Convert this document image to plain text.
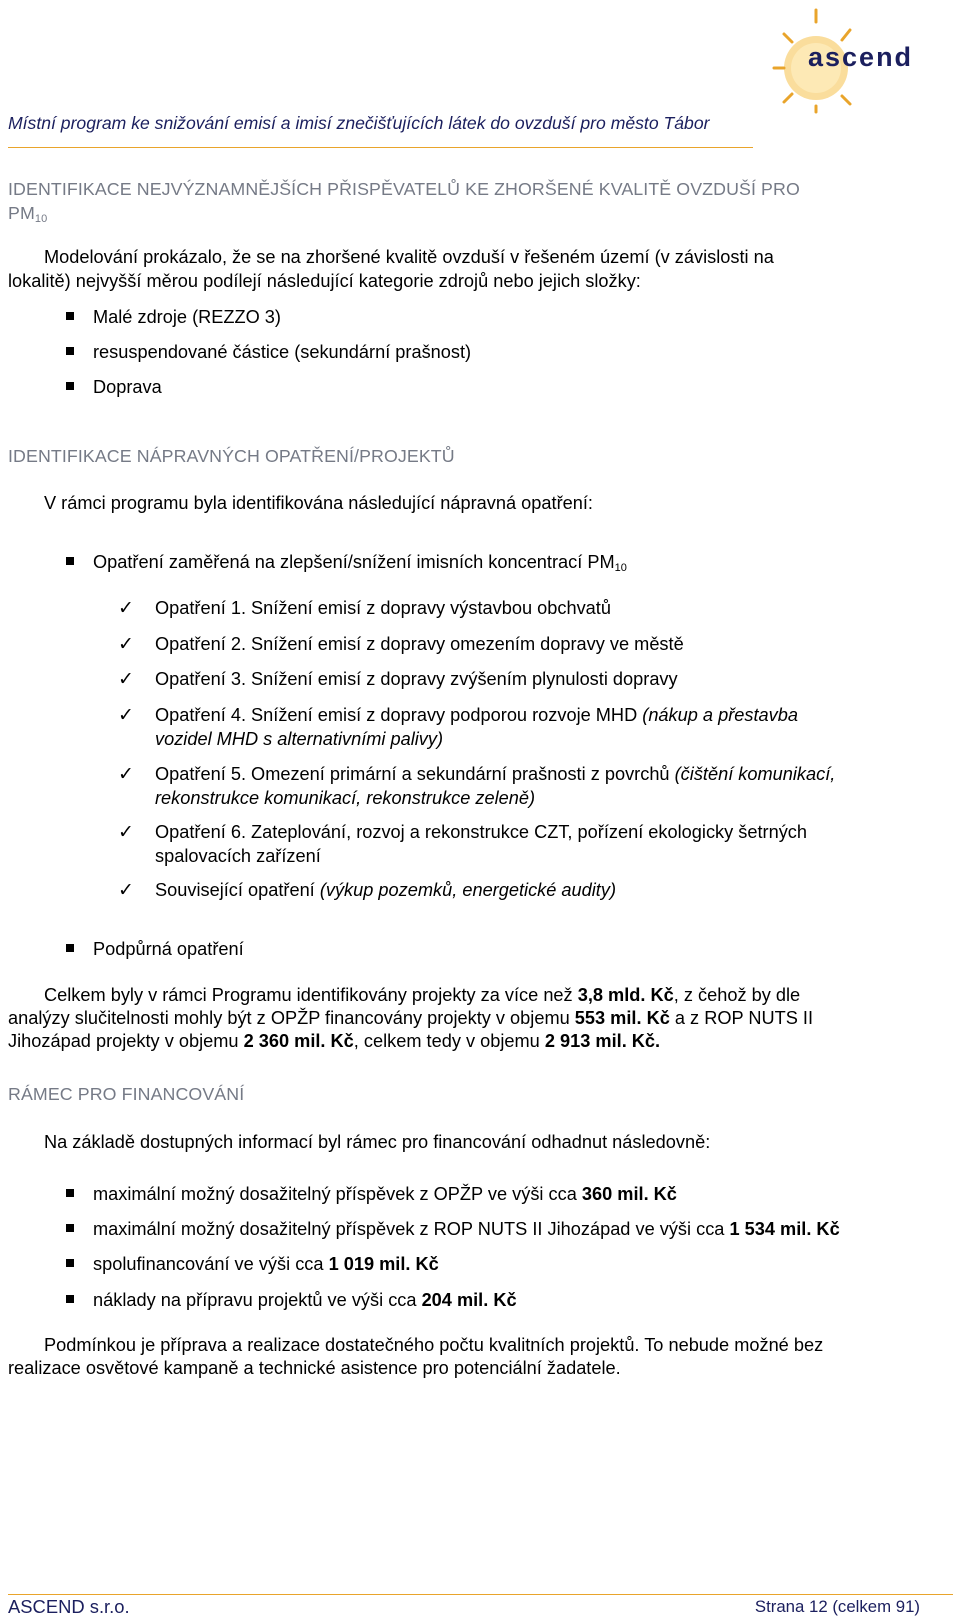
ascend
Místní program ke snižování emisí a imisí znečišťujících látek do ovzduší pro město Tábor
IDENTIFIKACE NEJVÝZNAMNĚJŠÍCH PŘISPĚVATELŮ KE ZHORŠENÉ KVALITĚ OVZDUŠÍ PRO
$PM_{10}$
Modelování prokázalo, že se na zhoršené kvalitě ovzduší v řešeném území (v závislosti na
lokalitě) nejvyšší měrou podílejí následující kategorie zdrojů nebo jejich složky:
Malé zdroje (REZZO 3)
resuspendované částice (sekundární prašnost)
Doprava
IDENTIFIKACE NÁPRAVNÝCH OPATŘENÍ/PROJEKTŮ
V rámci programu byla identifikována následující nápravná opatření:
Opatření zaměřená na zlepšení/snížení imisních koncentrací $PM_{10}$
✓ Opatření 1. Snížení emisí z dopravy výstavbou obchvatů
✓ Opatření 2. Snížení emisí z dopravy omezením dopravy ve městě
✓ Opatření 3. Snížení emisí z dopravy zvýšením plynulosti dopravy
✓ Opatření 4. Snížení emisí z dopravy podporou rozvoje MHD (nákup a přestavba
vozidel MHD s alternativními palivy)
✓ Opatření 5. Omezení primární a sekundární prašnosti z povrchů (čištění komunikací,
rekonstrukce komunikací, rekonstrukce zeleně)
✓ Opatření 6. Zateplování, rozvoj a rekonstrukce CZT, pořízení ekologicky šetrných
spalovacích zařízení
✓ Související opatření (výkup pozemků, energetické audity)
Podpůrná opatření
Celkem byly v rámci Programu identifikovány projekty za více než 3,8 mld. Kč, z čehož by dle
analýzy slučitelnosti mohly být z OPŽP financovány projekty v objemu 553 mil. Kč a z ROP NUTS II
Jihozápad projekty v objemu 2 360 mil. Kč, celkem tedy v objemu 2 913 mil. Kč.
RÁMEC PRO FINANCOVÁNÍ
Na základě dostupných informací byl rámec pro financování odhadnut následovně:
maximální možný dosažitelný příspěvek z OPŽP ve výši cca 360 mil. Kč
maximální možný dosažitelný příspěvek z ROP NUTS II Jihozápad ve výši cca 1 534 mil. Kč
spolufinancování ve výši cca 1 019 mil. Kč
náklady na přípravu projektů ve výši cca 204 mil. Kč
Podmínkou je příprava a realizace dostatečného počtu kvalitních projektů. To nebude možné bez
realizace osvětové kampaně a technické asistence pro potenciální žadatele.
ASCEND s.r.o.	Strana 12 (celkem 91)
